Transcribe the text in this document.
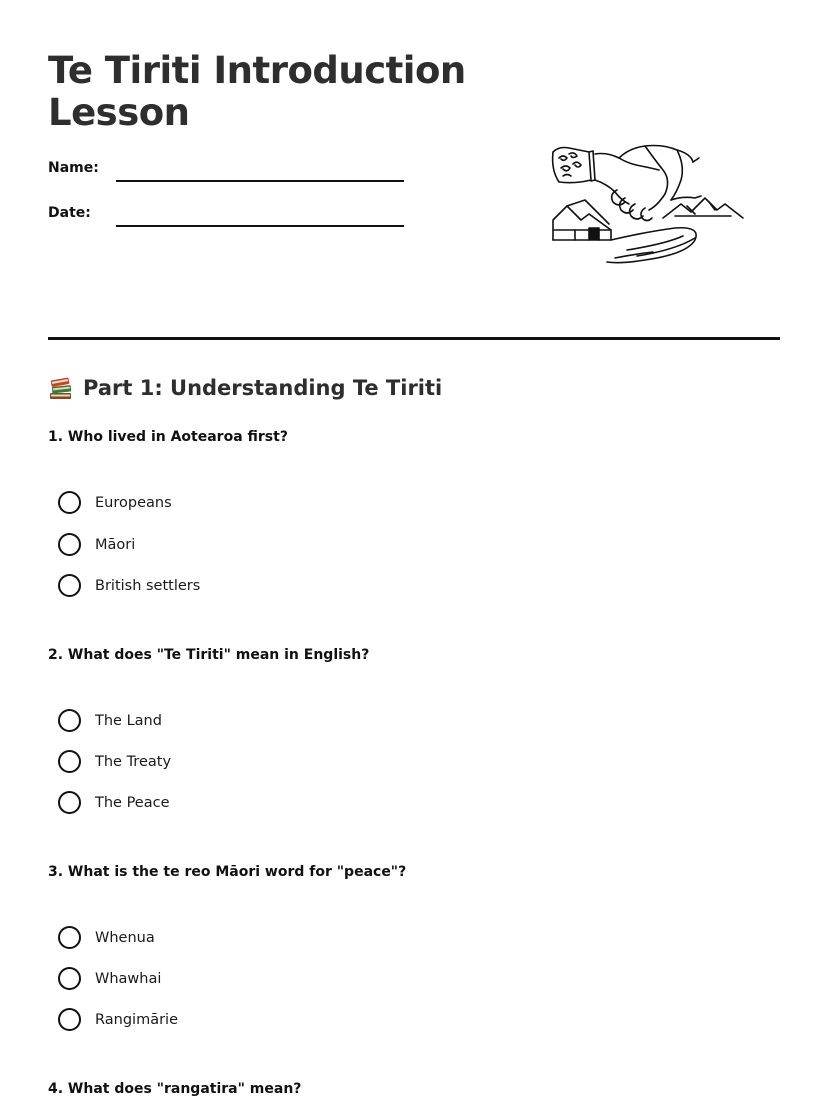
Te Tiriti Introduction Lesson
Name:
Date:
Part 1: Understanding Te Tiriti

1. Who lived in Aotearoa first?

Europeans
Māori
British settlers

2. What does "Te Tiriti" mean in English?

The Land
The Treaty
The Peace

3. What is the te reo Māori word for "peace"?

Whenua
Whawhai
Rangimārie

4. What does "rangatira" mean?
